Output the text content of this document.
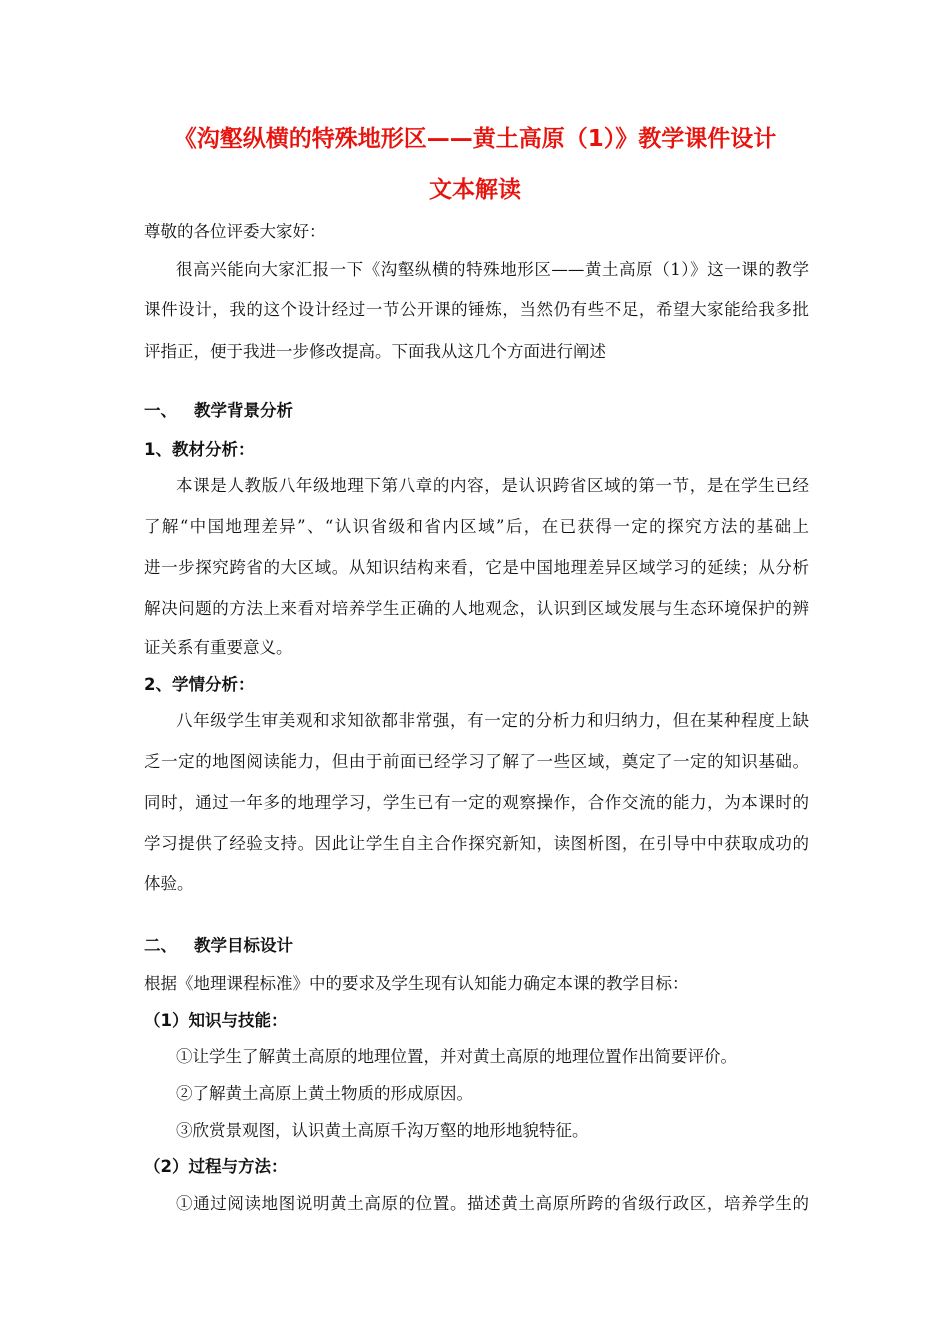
《沟壑纵横的特殊地形区——黄土高原（1）》教学课件设计
文本解读
尊敬的各位评委大家好：
很高兴能向大家汇报一下《沟壑纵横的特殊地形区——黄土高原（1）》这一课的教学
课件设计，我的这个设计经过一节公开课的锤炼，当然仍有些不足，希望大家能给我多批
评指正，便于我进一步修改提高。下面我从这几个方面进行阐述
一、 教学背景分析
1、教材分析：
本课是人教版八年级地理下第八章的内容，是认识跨省区域的第一节，是在学生已经
了解“中国地理差异”、“认识省级和省内区域”后，在已获得一定的探究方法的基础上
进一步探究跨省的大区域。从知识结构来看，它是中国地理差异区域学习的延续；从分析
解决问题的方法上来看对培养学生正确的人地观念，认识到区域发展与生态环境保护的辨
证关系有重要意义。
2、学情分析：
八年级学生审美观和求知欲都非常强，有一定的分析力和归纳力，但在某种程度上缺
乏一定的地图阅读能力，但由于前面已经学习了解了一些区域，奠定了一定的知识基础。
同时，通过一年多的地理学习，学生已有一定的观察操作，合作交流的能力，为本课时的
学习提供了经验支持。因此让学生自主合作探究新知，读图析图，在引导中中获取成功的
体验。
二、 教学目标设计
根据《地理课程标准》中的要求及学生现有认知能力确定本课的教学目标：
（1）知识与技能：
①让学生了解黄土高原的地理位置，并对黄土高原的地理位置作出简要评价。
②了解黄土高原上黄土物质的形成原因。
③欣赏景观图，认识黄土高原千沟万壑的地形地貌特征。
（2）过程与方法：
①通过阅读地图说明黄土高原的位置。描述黄土高原所跨的省级行政区，培养学生的
